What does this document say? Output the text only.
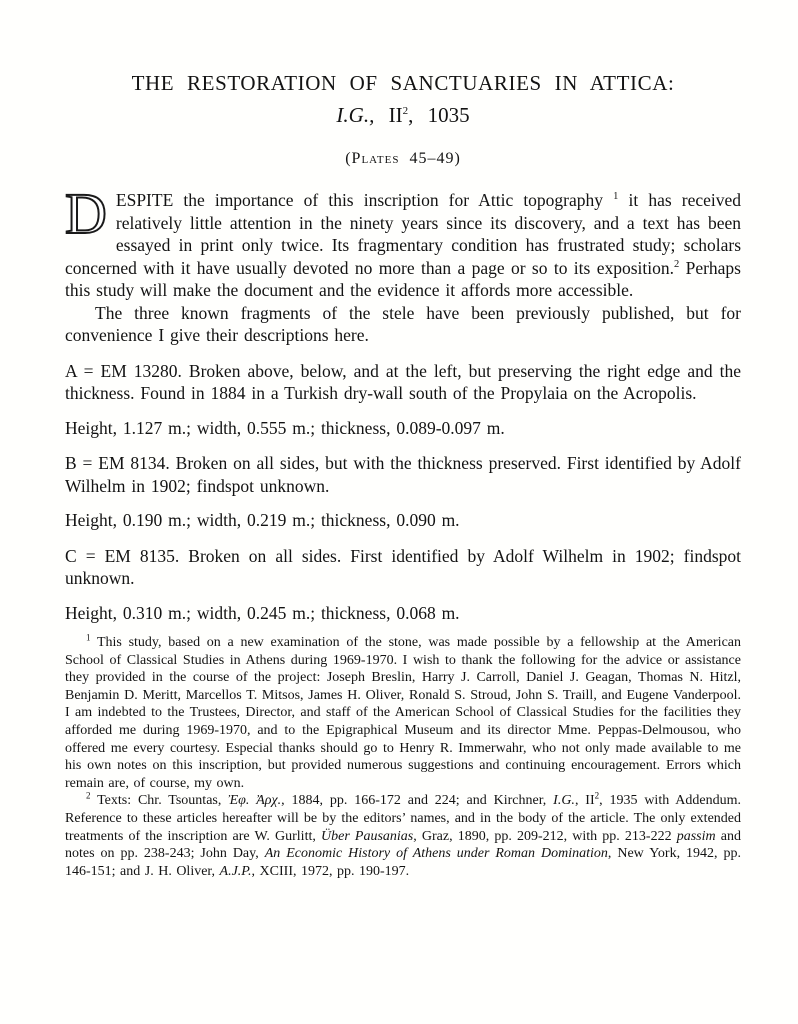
THE RESTORATION OF SANCTUARIES IN ATTICA:
I.G., $II^2$, 1035
(Plates 45–49)

DESPITE the importance of this inscription for Attic topography $^1$ it has received relatively little attention in the ninety years since its discovery, and a text has been essayed in print only twice. Its fragmentary condition has frustrated study; scholars concerned with it have usually devoted no more than a page or so to its exposition.$^2$ Perhaps this study will make the document and the evidence it affords more accessible.

The three known fragments of the stele have been previously published, but for convenience I give their descriptions here.

A = EM 13280. Broken above, below, and at the left, but preserving the right edge and the thickness. Found in 1884 in a Turkish dry-wall south of the Propylaia on the Acropolis.

Height, 1.127 m.; width, 0.555 m.; thickness, 0.089-0.097 m.

B = EM 8134. Broken on all sides, but with the thickness preserved. First identified by Adolf Wilhelm in 1902; findspot unknown.

Height, 0.190 m.; width, 0.219 m.; thickness, 0.090 m.

C = EM 8135. Broken on all sides. First identified by Adolf Wilhelm in 1902; findspot unknown.

Height, 0.310 m.; width, 0.245 m.; thickness, 0.068 m.

$^1$ This study, based on a new examination of the stone, was made possible by a fellowship at the American School of Classical Studies in Athens during 1969-1970. I wish to thank the following for the advice or assistance they provided in the course of the project: Joseph Breslin, Harry J. Carroll, Daniel J. Geagan, Thomas N. Hitzl, Benjamin D. Meritt, Marcellos T. Mitsos, James H. Oliver, Ronald S. Stroud, John S. Traill, and Eugene Vanderpool. I am indebted to the Trustees, Director, and staff of the American School of Classical Studies for the facilities they afforded me during 1969-1970, and to the Epigraphical Museum and its director Mme. Peppas-Delmousou, who offered me every courtesy. Especial thanks should go to Henry R. Immerwahr, who not only made available to me his own notes on this inscription, but provided numerous suggestions and continuing encouragement. Errors which remain are, of course, my own.

$^2$ Texts: Chr. Tsountas, Ἐφ. Ἀρχ., 1884, pp. 166-172 and 224; and Kirchner, I.G., $II^2$, 1935 with Addendum. Reference to these articles hereafter will be by the editors’ names, and in the body of the article. The only extended treatments of the inscription are W. Gurlitt, Über Pausanias, Graz, 1890, pp. 209-212, with pp. 213-222 passim and notes on pp. 238-243; John Day, An Economic History of Athens under Roman Domination, New York, 1942, pp. 146-151; and J. H. Oliver, A.J.P., XCIII, 1972, pp. 190-197.
